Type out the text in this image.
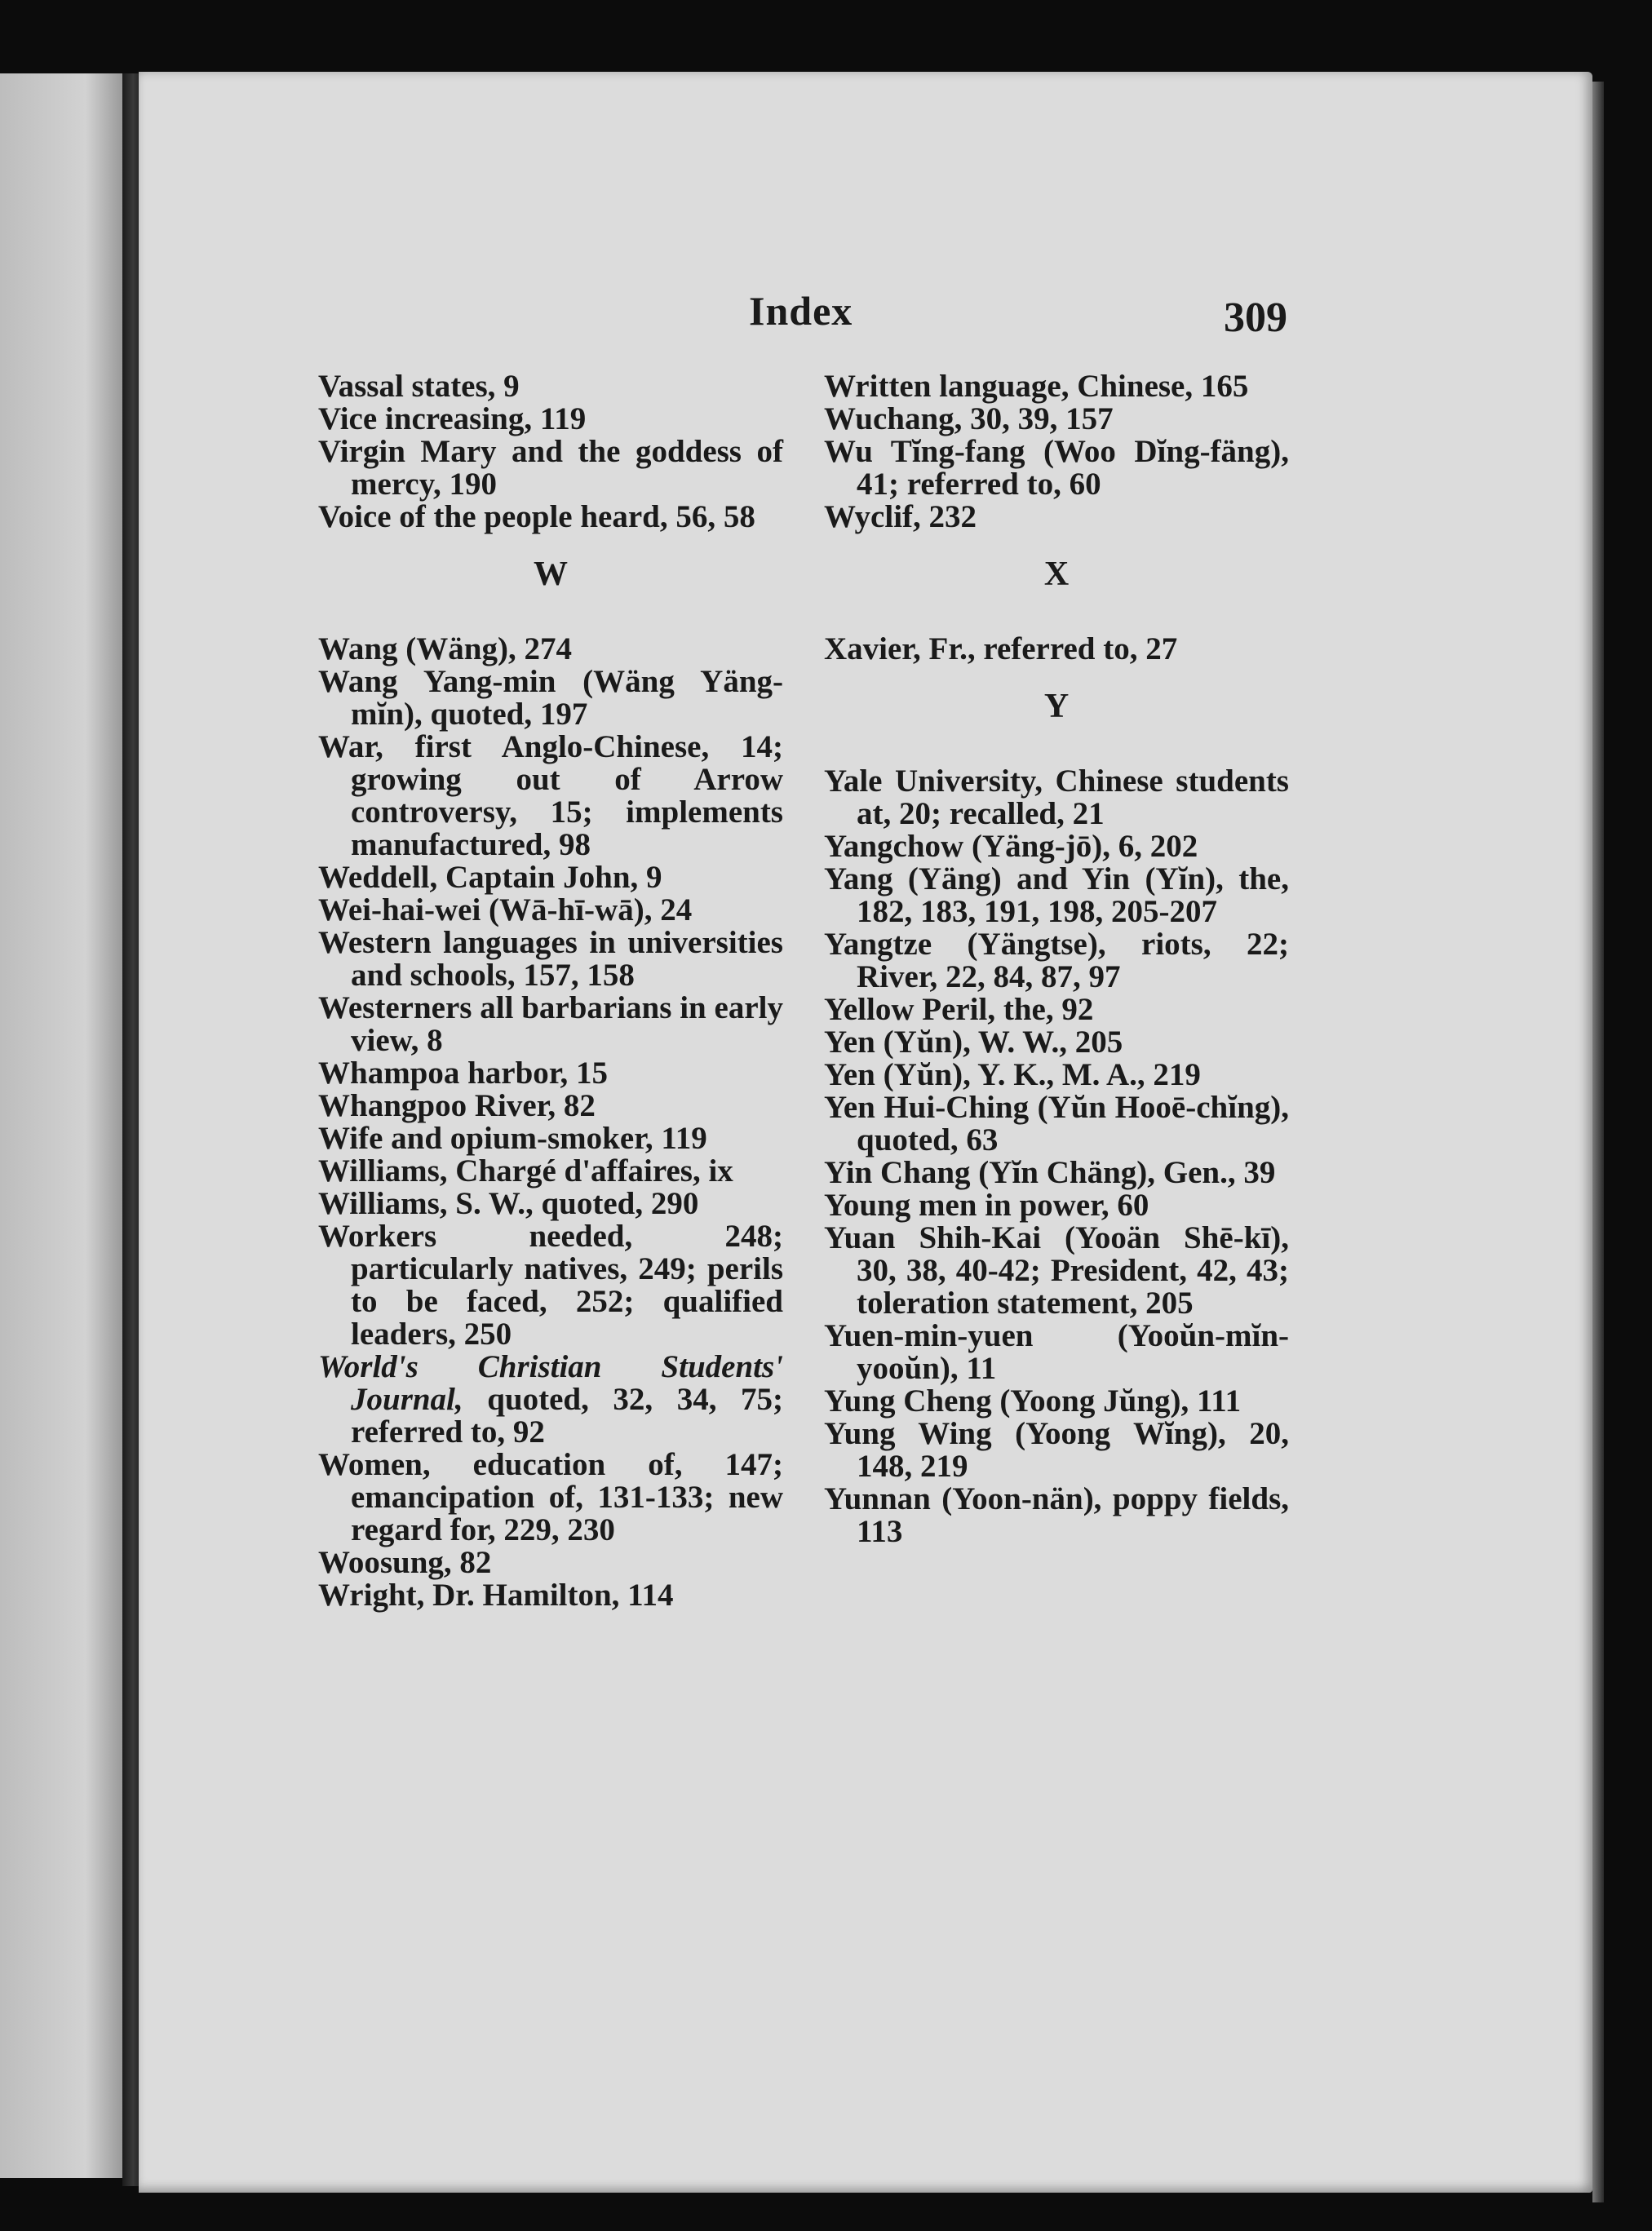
Index	309

Vassal states, 9

Vice increasing, 119

Virgin Mary and the goddess of mercy, 190

Voice of the people heard, 56, 58

W

Wang (Wäng), 274

Wang Yang-min (Wäng Yäng-mĭn), quoted, 197

War, first Anglo-Chinese, 14; growing out of Arrow controversy, 15; implements manufactured, 98

Weddell, Captain John, 9

Wei-hai-wei (Wā-hī-wā), 24

Western languages in universities and schools, 157, 158

Westerners all barbarians in early view, 8

Whampoa harbor, 15

Whangpoo River, 82

Wife and opium-smoker, 119

Williams, Chargé d'affaires, ix

Williams, S. W., quoted, 290

Workers needed, 248; particularly natives, 249; perils to be faced, 252; qualified leaders, 250

World's Christian Students' Journal, quoted, 32, 34, 75; referred to, 92

Women, education of, 147; emancipation of, 131-133; new regard for, 229, 230

Woosung, 82

Wright, Dr. Hamilton, 114

Written language, Chinese, 165

Wuchang, 30, 39, 157

Wu Tĭng-fang (Woo Dĭng-fäng), 41; referred to, 60

Wyclif, 232

X

Xavier, Fr., referred to, 27

Y

Yale University, Chinese students at, 20; recalled, 21

Yangchow (Yäng-jō), 6, 202

Yang (Yäng) and Yin (Yĭn), the, 182, 183, 191, 198, 205-207

Yangtze (Yängtse), riots, 22; River, 22, 84, 87, 97

Yellow Peril, the, 92

Yen (Yŭn), W. W., 205

Yen (Yŭn), Y. K., M. A., 219

Yen Hui-Ching (Yŭn Hooē-chĭng), quoted, 63

Yin Chang (Yĭn Chäng), Gen., 39

Young men in power, 60

Yuan Shih-Kai (Yooän Shē-kī), 30, 38, 40-42; President, 42, 43; toleration statement, 205

Yuen-min-yuen (Yooŭn-mĭn-yooŭn), 11

Yung Cheng (Yoong Jŭng), 111

Yung Wing (Yoong Wĭng), 20, 148, 219

Yunnan (Yoon-nän), poppy fields, 113
